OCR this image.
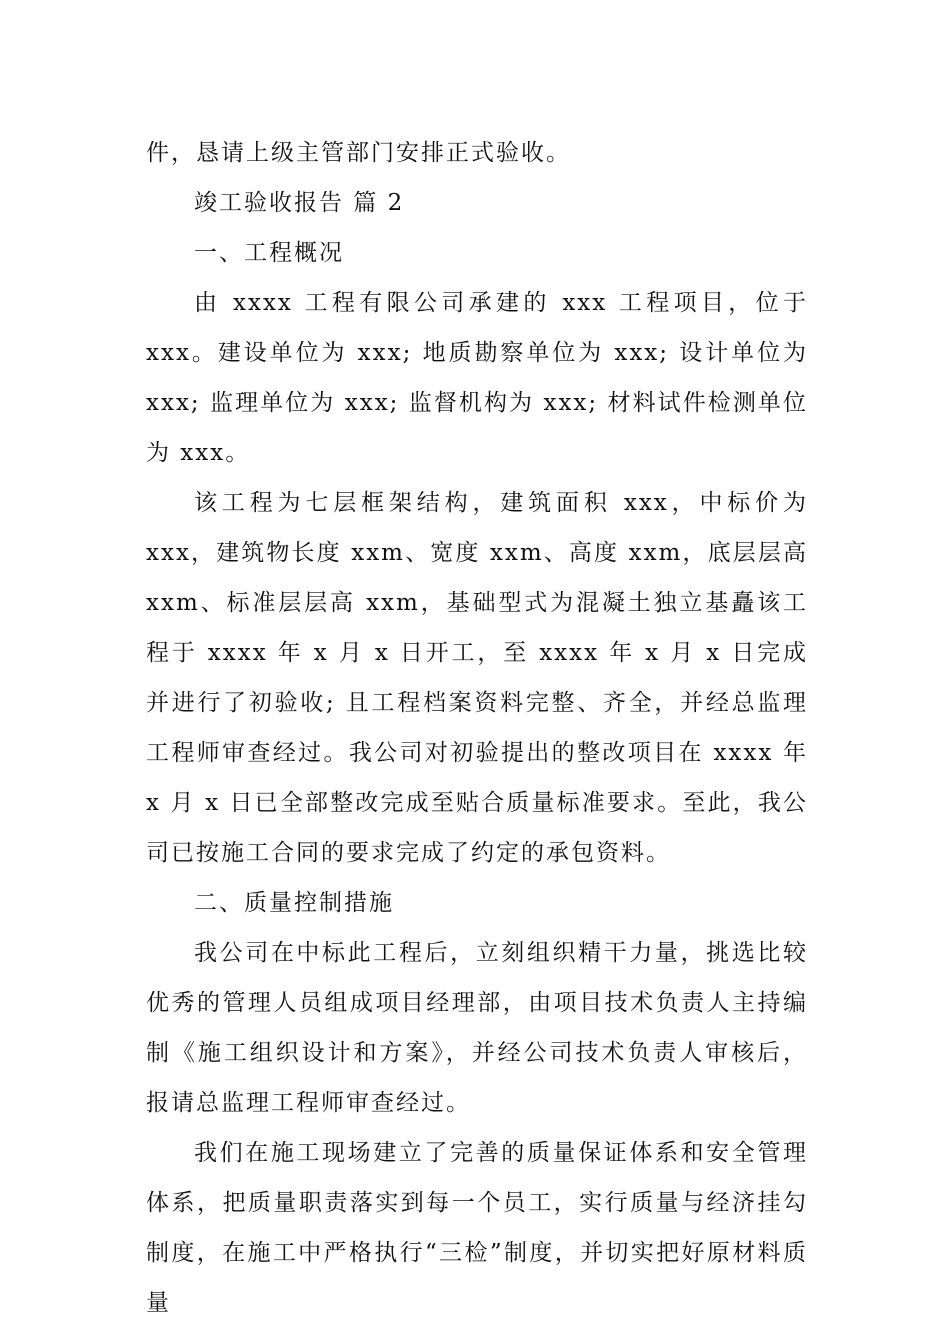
件，恳请上级主管部门安排正式验收。

竣工验收报告 篇 2

一、工程概况

由 xxxx 工程有限公司承建的 xxx 工程项目，位于 xxx。建设单位为 xxx; 地质勘察单位为 xxx; 设计单位为 xxx; 监理单位为 xxx; 监督机构为 xxx; 材料试件检测单位为 xxx。

该工程为七层框架结构，建筑面积 xxx，中标价为 xxx，建筑物长度 xxm、宽度 xxm、高度 xxm，底层层高 xxm、标准层层高 xxm，基础型式为混凝土独立基矗该工程于 xxxx 年 x 月 x 日开工，至 xxxx 年 x 月 x 日完成并进行了初验收; 且工程档案资料完整、齐全，并经总监理工程师审查经过。我公司对初验提出的整改项目在 xxxx 年 x 月 x 日已全部整改完成至贴合质量标准要求。至此，我公司已按施工合同的要求完成了约定的承包资料。

二、质量控制措施

我公司在中标此工程后，立刻组织精干力量，挑选比较优秀的管理人员组成项目经理部，由项目技术负责人主持编制《施工组织设计和方案》，并经公司技术负责人审核后，报请总监理工程师审查经过。

我们在施工现场建立了完善的质量保证体系和安全管理体系，把质量职责落实到每一个员工，实行质量与经济挂勾制度，在施工中严格执行“三检”制度，并切实把好原材料质量
